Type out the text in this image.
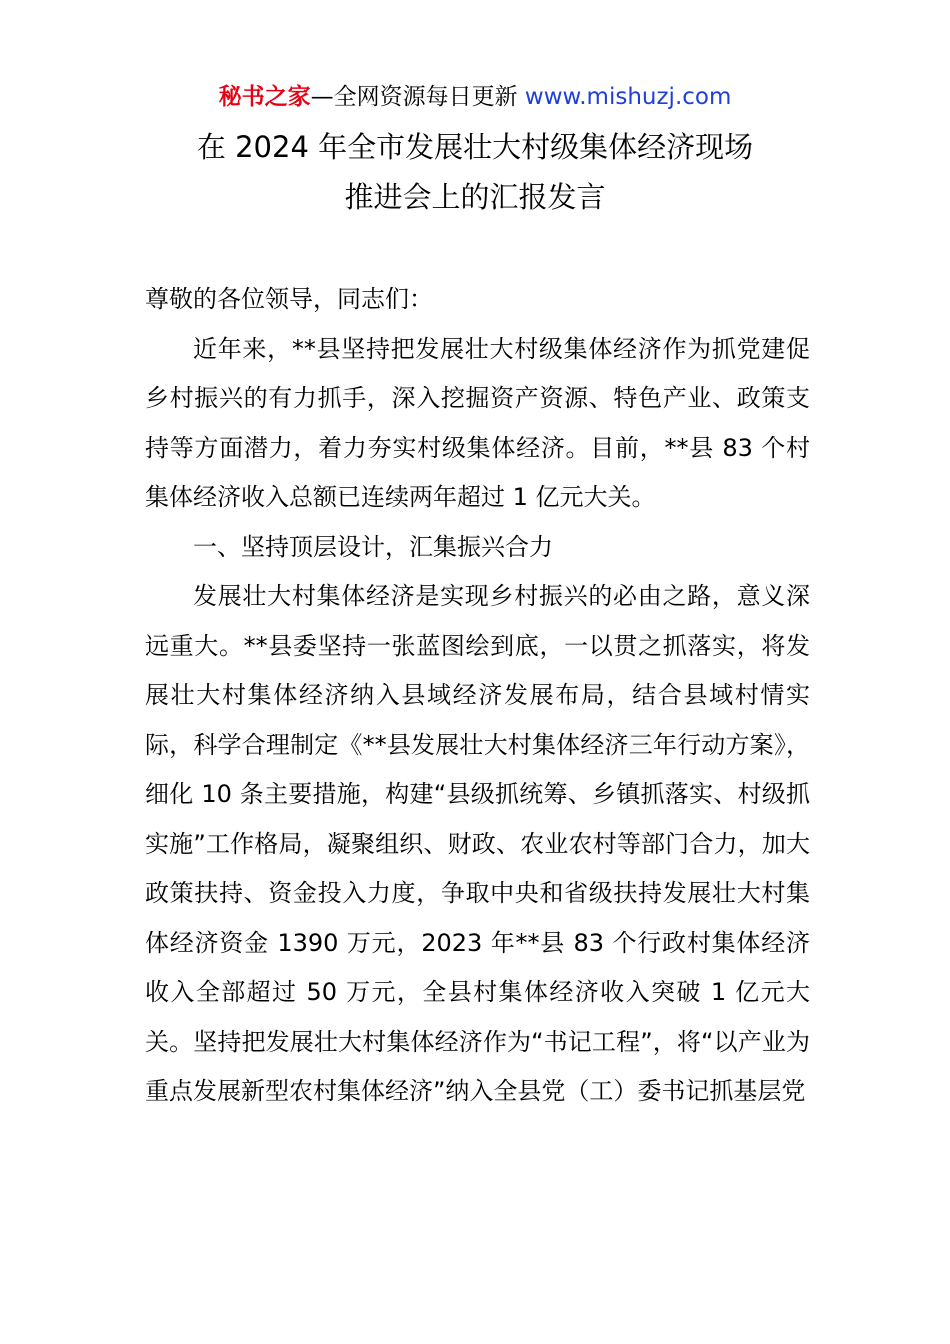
秘书之家—全网资源每日更新 www.mishuzj.com
在 2024 年全市发展壮大村级集体经济现场
推进会上的汇报发言

尊敬的各位领导，同志们：

近年来，**县坚持把发展壮大村级集体经济作为抓党建促乡村振兴的有力抓手，深入挖掘资产资源、特色产业、政策支持等方面潜力，着力夯实村级集体经济。目前，**县 83 个村集体经济收入总额已连续两年超过 1 亿元大关。

一、坚持顶层设计，汇集振兴合力

发展壮大村集体经济是实现乡村振兴的必由之路，意义深远重大。**县委坚持一张蓝图绘到底，一以贯之抓落实，将发展壮大村集体经济纳入县域经济发展布局，结合县域村情实际，科学合理制定《**县发展壮大村集体经济三年行动方案》，细化 10 条主要措施，构建“县级抓统筹、乡镇抓落实、村级抓实施”工作格局，凝聚组织、财政、农业农村等部门合力，加大政策扶持、资金投入力度，争取中央和省级扶持发展壮大村集体经济资金 1390 万元，2023 年**县 83 个行政村集体经济收入全部超过 50 万元，全县村集体经济收入突破 1 亿元大关。坚持把发展壮大村集体经济作为“书记工程”，将“以产业为重点发展新型农村集体经济”纳入全县党（工）委书记抓基层党
